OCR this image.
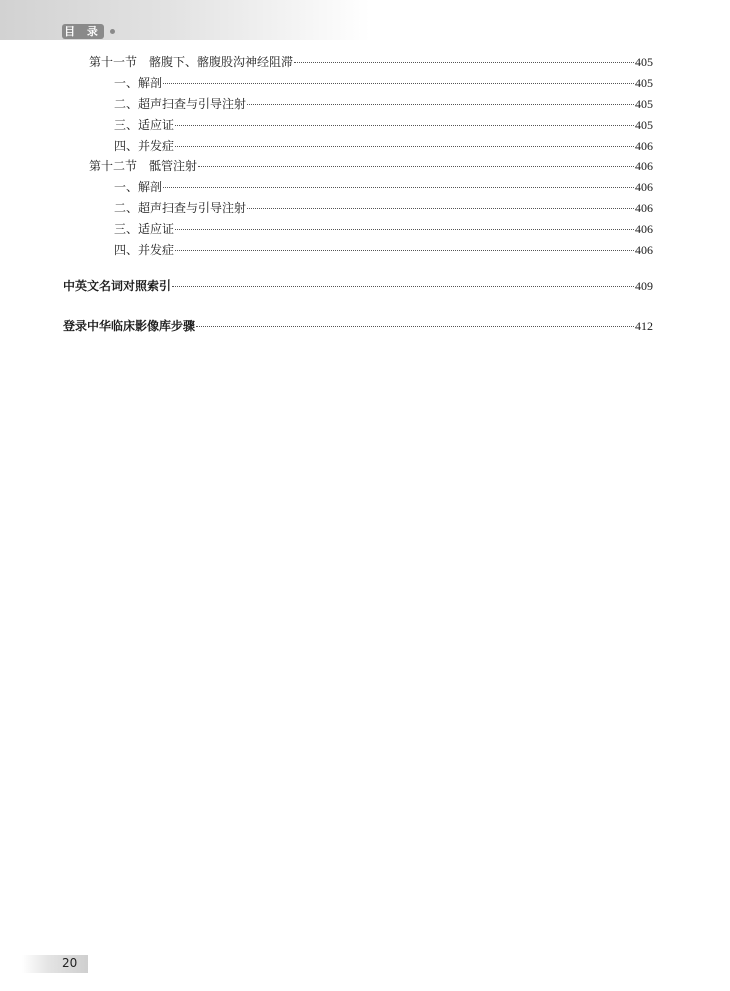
目 录
第十一节　髂腹下、髂腹股沟神经阻滞	405
一、解剖	405
二、超声扫查与引导注射	405
三、适应证	405
四、并发症	406
第十二节　骶管注射	406
一、解剖	406
二、超声扫查与引导注射	406
三、适应证	406
四、并发症	406
中英文名词对照索引	409
登录中华临床影像库步骤	412
20
